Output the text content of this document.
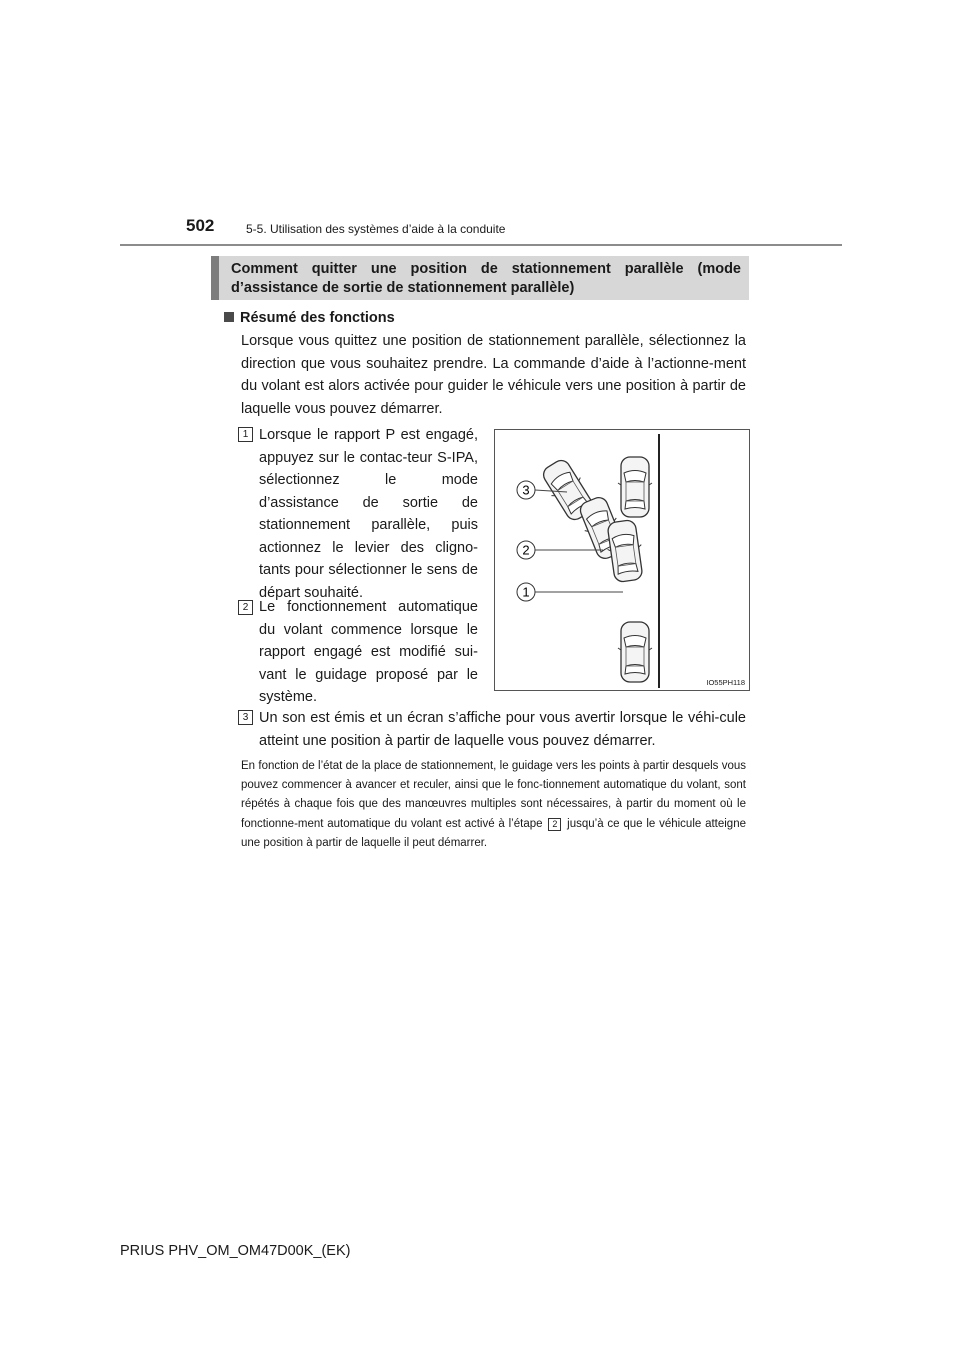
502	5-5. Utilisation des systèmes d’aide à la conduite

Comment quitter une position de stationnement parallèle (mode d’assistance de sortie de stationnement parallèle)

Résumé des fonctions

Lorsque vous quittez une position de stationnement parallèle, sélectionnez la direction que vous souhaitez prendre. La commande d’aide à l’actionne-ment du volant est alors activée pour guider le véhicule vers une position à partir de laquelle vous pouvez démarrer.

1 Lorsque le rapport P est engagé, appuyez sur le contac-teur S-IPA, sélectionnez le mode d’assistance de sortie de stationnement parallèle, puis actionnez le levier des cligno-tants pour sélectionner le sens de départ souhaité.

2 Le fonctionnement automatique du volant commence lorsque le rapport engagé est modifié sui-vant le guidage proposé par le système.

3 Un son est émis et un écran s’affiche pour vous avertir lorsque le véhi-cule atteint une position à partir de laquelle vous pouvez démarrer.

En fonction de l’état de la place de stationnement, le guidage vers les points à partir desquels vous pouvez commencer à avancer et reculer, ainsi que le fonc-tionnement automatique du volant, sont répétés à chaque fois que des manœuvres multiples sont nécessaires, à partir du moment où le fonctionne-ment automatique du volant est activé à l’étape 2 jusqu’à ce que le véhicule atteigne une position à partir de laquelle il peut démarrer.

3
2
1
IO55PH118
PRIUS PHV_OM_OM47D00K_(EK)
